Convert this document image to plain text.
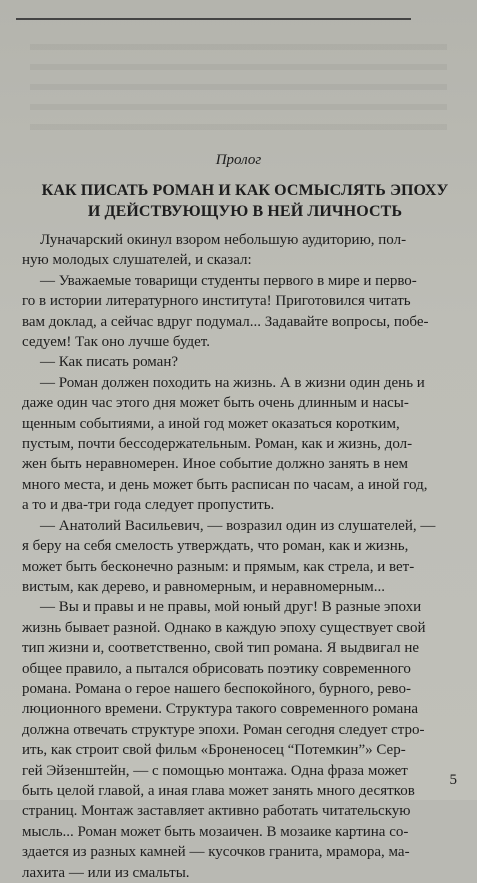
Пролог
КАК ПИСАТЬ РОМАН И КАК ОСМЫСЛЯТЬ ЭПОХУ
И ДЕЙСТВУЮЩУЮ В НЕЙ ЛИЧНОСТЬ
Луначарский окинул взором небольшую аудиторию, пол-
ную молодых слушателей, и сказал:
— Уважаемые товарищи студенты первого в мире и перво-
го в истории литературного института! Приготовился читать
вам доклад, а сейчас вдруг подумал... Задавайте вопросы, побе-
седуем! Так оно лучше будет.
— Как писать роман?
— Роман должен походить на жизнь. А в жизни один день и
даже один час этого дня может быть очень длинным и насы-
щенным событиями, а иной год может оказаться коротким,
пустым, почти бессодержательным. Роман, как и жизнь, дол-
жен быть неравномерен. Иное событие должно занять в нем
много места, и день может быть расписан по часам, а иной год,
а то и два-три года следует пропустить.
— Анатолий Васильевич, — возразил один из слушателей, —
я беру на себя смелость утверждать, что роман, как и жизнь,
может быть бесконечно разным: и прямым, как стрела, и вет-
вистым, как дерево, и равномерным, и неравномерным...
— Вы и правы и не правы, мой юный друг! В разные эпохи
жизнь бывает разной. Однако в каждую эпоху существует свой
тип жизни и, соответственно, свой тип романа. Я выдвигал не
общее правило, а пытался обрисовать поэтику современного
романа. Романа о герое нашего беспокойного, бурного, рево-
люционного времени. Структура такого современного романа
должна отвечать структуре эпохи. Роман сегодня следует стро-
ить, как строит свой фильм «Броненосец “Потемкин”» Сер-
гей Эйзенштейн, — с помощью монтажа. Одна фраза может
быть целой главой, а иная глава может занять много десятков
страниц. Монтаж заставляет активно работать читательскую
мысль... Роман может быть мозаичен. В мозаике картина со-
здается из разных камней — кусочков гранита, мрамора, ма-
лахита — или из смальты.
5
